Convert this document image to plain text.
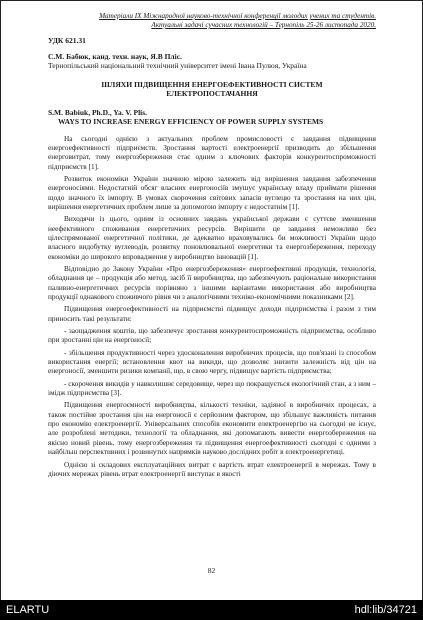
Матеріали ІХ Міжнародної науково-технічної конференції молодих учених та студентів.
Актуальні задачі сучасних технологій – Тернопіль 25-26 листопада 2020.
УДК 621.31
С.М. Бабюк, канд. техн. наук, Я.В Пліс.
Тернопільський національний технічний університет імені Івана Пулюя, Україна
ШЛЯХИ ПІДВИЩЕННЯ ЕНЕРГОЕФЕКТИВНОСТІ СИСТЕМ
ЕЛЕКТРОПОСТАЧАННЯ
S.M. Babiuk, Ph.D., Ya. V. Plis.
WAYS TO INCREASE ENERGY EFFICIENCY OF POWER SUPPLY SYSTEMS

На сьогодні однією з актуальних проблем промисловості є завдання підвищення енергоефективності підприємств. Зростання вартості електроенергії призводить до збільшення енерговитрат, тому енергозбереження стає одним з ключових факторів конкурентоспроможності підприємств [1].

Розвиток економіки України значною мірою залежить від вирішення завдання забезпечення енергоносіями. Недостатній обсяг власних енергоносіїв змушує українську владу приймати рішення щодо значного їх імпорту. В умовах скорочення світових запасів вуглецю та зростання на них цін, вирішення енергетичних проблем лише за допомогою імпорту є недостатнім [1].

Виходячи із цього, одним із основних завдань української держави є суттєве зменшення неефективного споживання енергетичних ресурсів. Вирішити це завдання неможливо без цілеспрямованої енергетичної політики, де адекватно враховувались би можливості України щодо власного видобутку вуглеводів, розвитку поновлювальної енергетики та енергозбереження, переходу економіки до широкого впровадження у виробництво інновацій [1].

Відповідно до Закону України «Про енергозбереження» енергоефективні продукція, технологія, обладнання це – продукція або метод, засіб її виробництва, що забезпечують раціональне використання паливно-енергетичних ресурсів порівняно з іншими варіантами використання або виробництва продукції однакового споживчого рівня чи з аналогічними техніко-економічними показниками [2].

Підвищення енергоефективності на підприємстві підвищує доходи підприємства і разом з тим приносить такі результати:

- заощадження коштів, що забезпечує зростання конкурентоспроможність підприємства, особливо при зростанні цін на енергоносії;

- збільшення продуктивності через удосконалення виробничих процесів, що пов'язані із способом використання енергії; встановлення квот на викиди, що дозволяє знизити залежність від цін на енергоносії, зменшити ризики компанії, що, в свою чергу, підвищує вартість підприємства;

- скорочення викидів у навколишнє середовище, через що покращується екологічний стан, а з ним – імідж підприємства [3].

Підвищення енергоємності виробництва, кількості техніки, задіяної в виробничих процесах, а також постійне зростання цін на енергоносії є серйозним фактором, що збільшує важливість питання про економію електроенергії. Універсальних способів економити електроенергію на сьогодні не існує, але розроблені методики, технології та обладнання, які допомагають вивести енергозбереження на якісно новий рівень, тому енергозбереження та підвищення енергоефективності сьогодні є одними з найбільш перспективних і розвинутих напрямків науково дослідних робіт в електроенергетиці.

Однією зі складових експлуатаційних витрат є вартість втрат електроенергії в мережах. Тому в діючих мережах рівень втрат електроенергії виступає в якості

82
ELARTU	hdl:lib/34721
